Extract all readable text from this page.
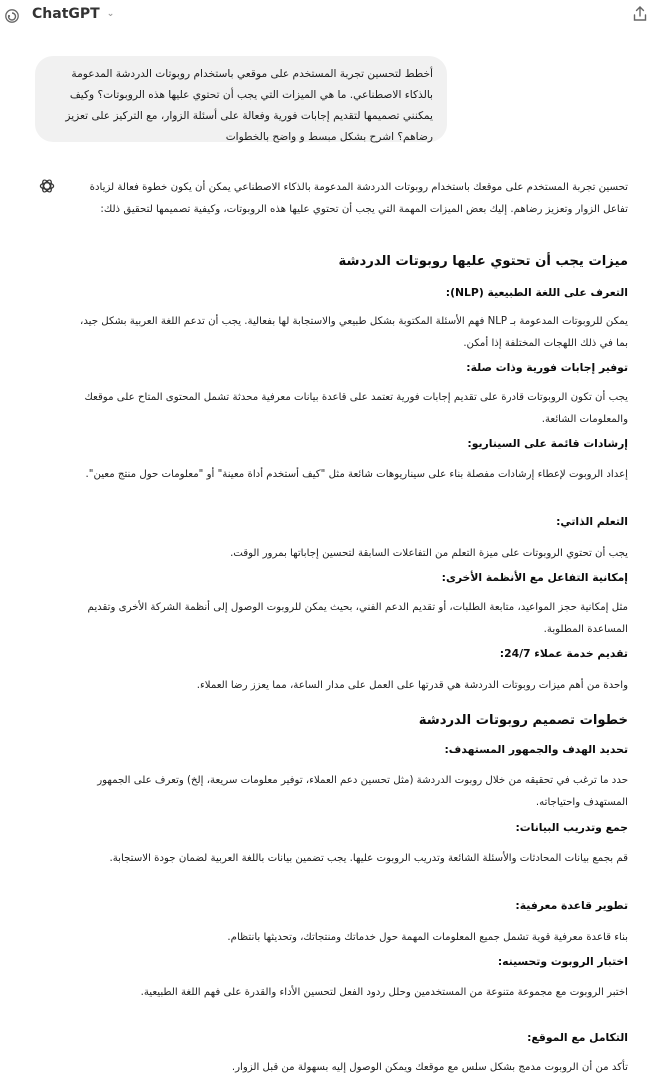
ChatGPT ⌄
أخطط لتحسين تجربة المستخدم على موقعي باستخدام روبوتات الدردشة المدعومة بالذكاء الاصطناعي. ما هي الميزات التي يجب أن تحتوي عليها هذه الروبوتات؟ وكيف يمكنني تصميمها لتقديم إجابات فورية وفعالة على أسئلة الزوار، مع التركيز على تعزيز رضاهم؟ اشرح بشكل مبسط و واضح بالخطوات
تحسين تجربة المستخدم على موقعك باستخدام روبوتات الدردشة المدعومة بالذكاء الاصطناعي يمكن أن يكون خطوة فعالة لزيادة تفاعل الزوار وتعزيز رضاهم. إليك بعض الميزات المهمة التي يجب أن تحتوي عليها هذه الروبوتات، وكيفية تصميمها لتحقيق ذلك:
ميزات يجب أن تحتوي عليها روبوتات الدردشة
التعرف على اللغة الطبيعية (NLP):
يمكن للروبوتات المدعومة بـ NLP فهم الأسئلة المكتوبة بشكل طبيعي والاستجابة لها بفعالية. يجب أن تدعم اللغة العربية بشكل جيد، بما في ذلك اللهجات المختلفة إذا أمكن.
توفير إجابات فورية وذات صلة:
يجب أن تكون الروبوتات قادرة على تقديم إجابات فورية تعتمد على قاعدة بيانات معرفية محدثة تشمل المحتوى المتاح على موقعك والمعلومات الشائعة.
إرشادات قائمة على السيناريو:
إعداد الروبوت لإعطاء إرشادات مفصلة بناء على سيناريوهات شائعة مثل "كيف أستخدم أداة معينة" أو "معلومات حول منتج معين".
التعلم الذاتي:
يجب أن تحتوي الروبوتات على ميزة التعلم من التفاعلات السابقة لتحسين إجاباتها بمرور الوقت.
إمكانية التفاعل مع الأنظمة الأخرى:
مثل إمكانية حجز المواعيد، متابعة الطلبات، أو تقديم الدعم الفني، بحيث يمكن للروبوت الوصول إلى أنظمة الشركة الأخرى وتقديم المساعدة المطلوبة.
تقديم خدمة عملاء 24/7:
واحدة من أهم ميزات روبوتات الدردشة هي قدرتها على العمل على مدار الساعة، مما يعزز رضا العملاء.
خطوات تصميم روبوتات الدردشة
تحديد الهدف والجمهور المستهدف:
حدد ما ترغب في تحقيقه من خلال روبوت الدردشة (مثل تحسين دعم العملاء، توفير معلومات سريعة، إلخ) وتعرف على الجمهور المستهدف واحتياجاته.
جمع وتدريب البيانات:
قم بجمع بيانات المحادثات والأسئلة الشائعة وتدريب الروبوت عليها. يجب تضمين بيانات باللغة العربية لضمان جودة الاستجابة.
تطوير قاعدة معرفية:
بناء قاعدة معرفية قوية تشمل جميع المعلومات المهمة حول خدماتك ومنتجاتك، وتحديثها بانتظام.
اختبار الروبوت وتحسينه:
اختبر الروبوت مع مجموعة متنوعة من المستخدمين وحلل ردود الفعل لتحسين الأداء والقدرة على فهم اللغة الطبيعية.
التكامل مع الموقع:
تأكد من أن الروبوت مدمج بشكل سلس مع موقعك ويمكن الوصول إليه بسهولة من قبل الزوار.
